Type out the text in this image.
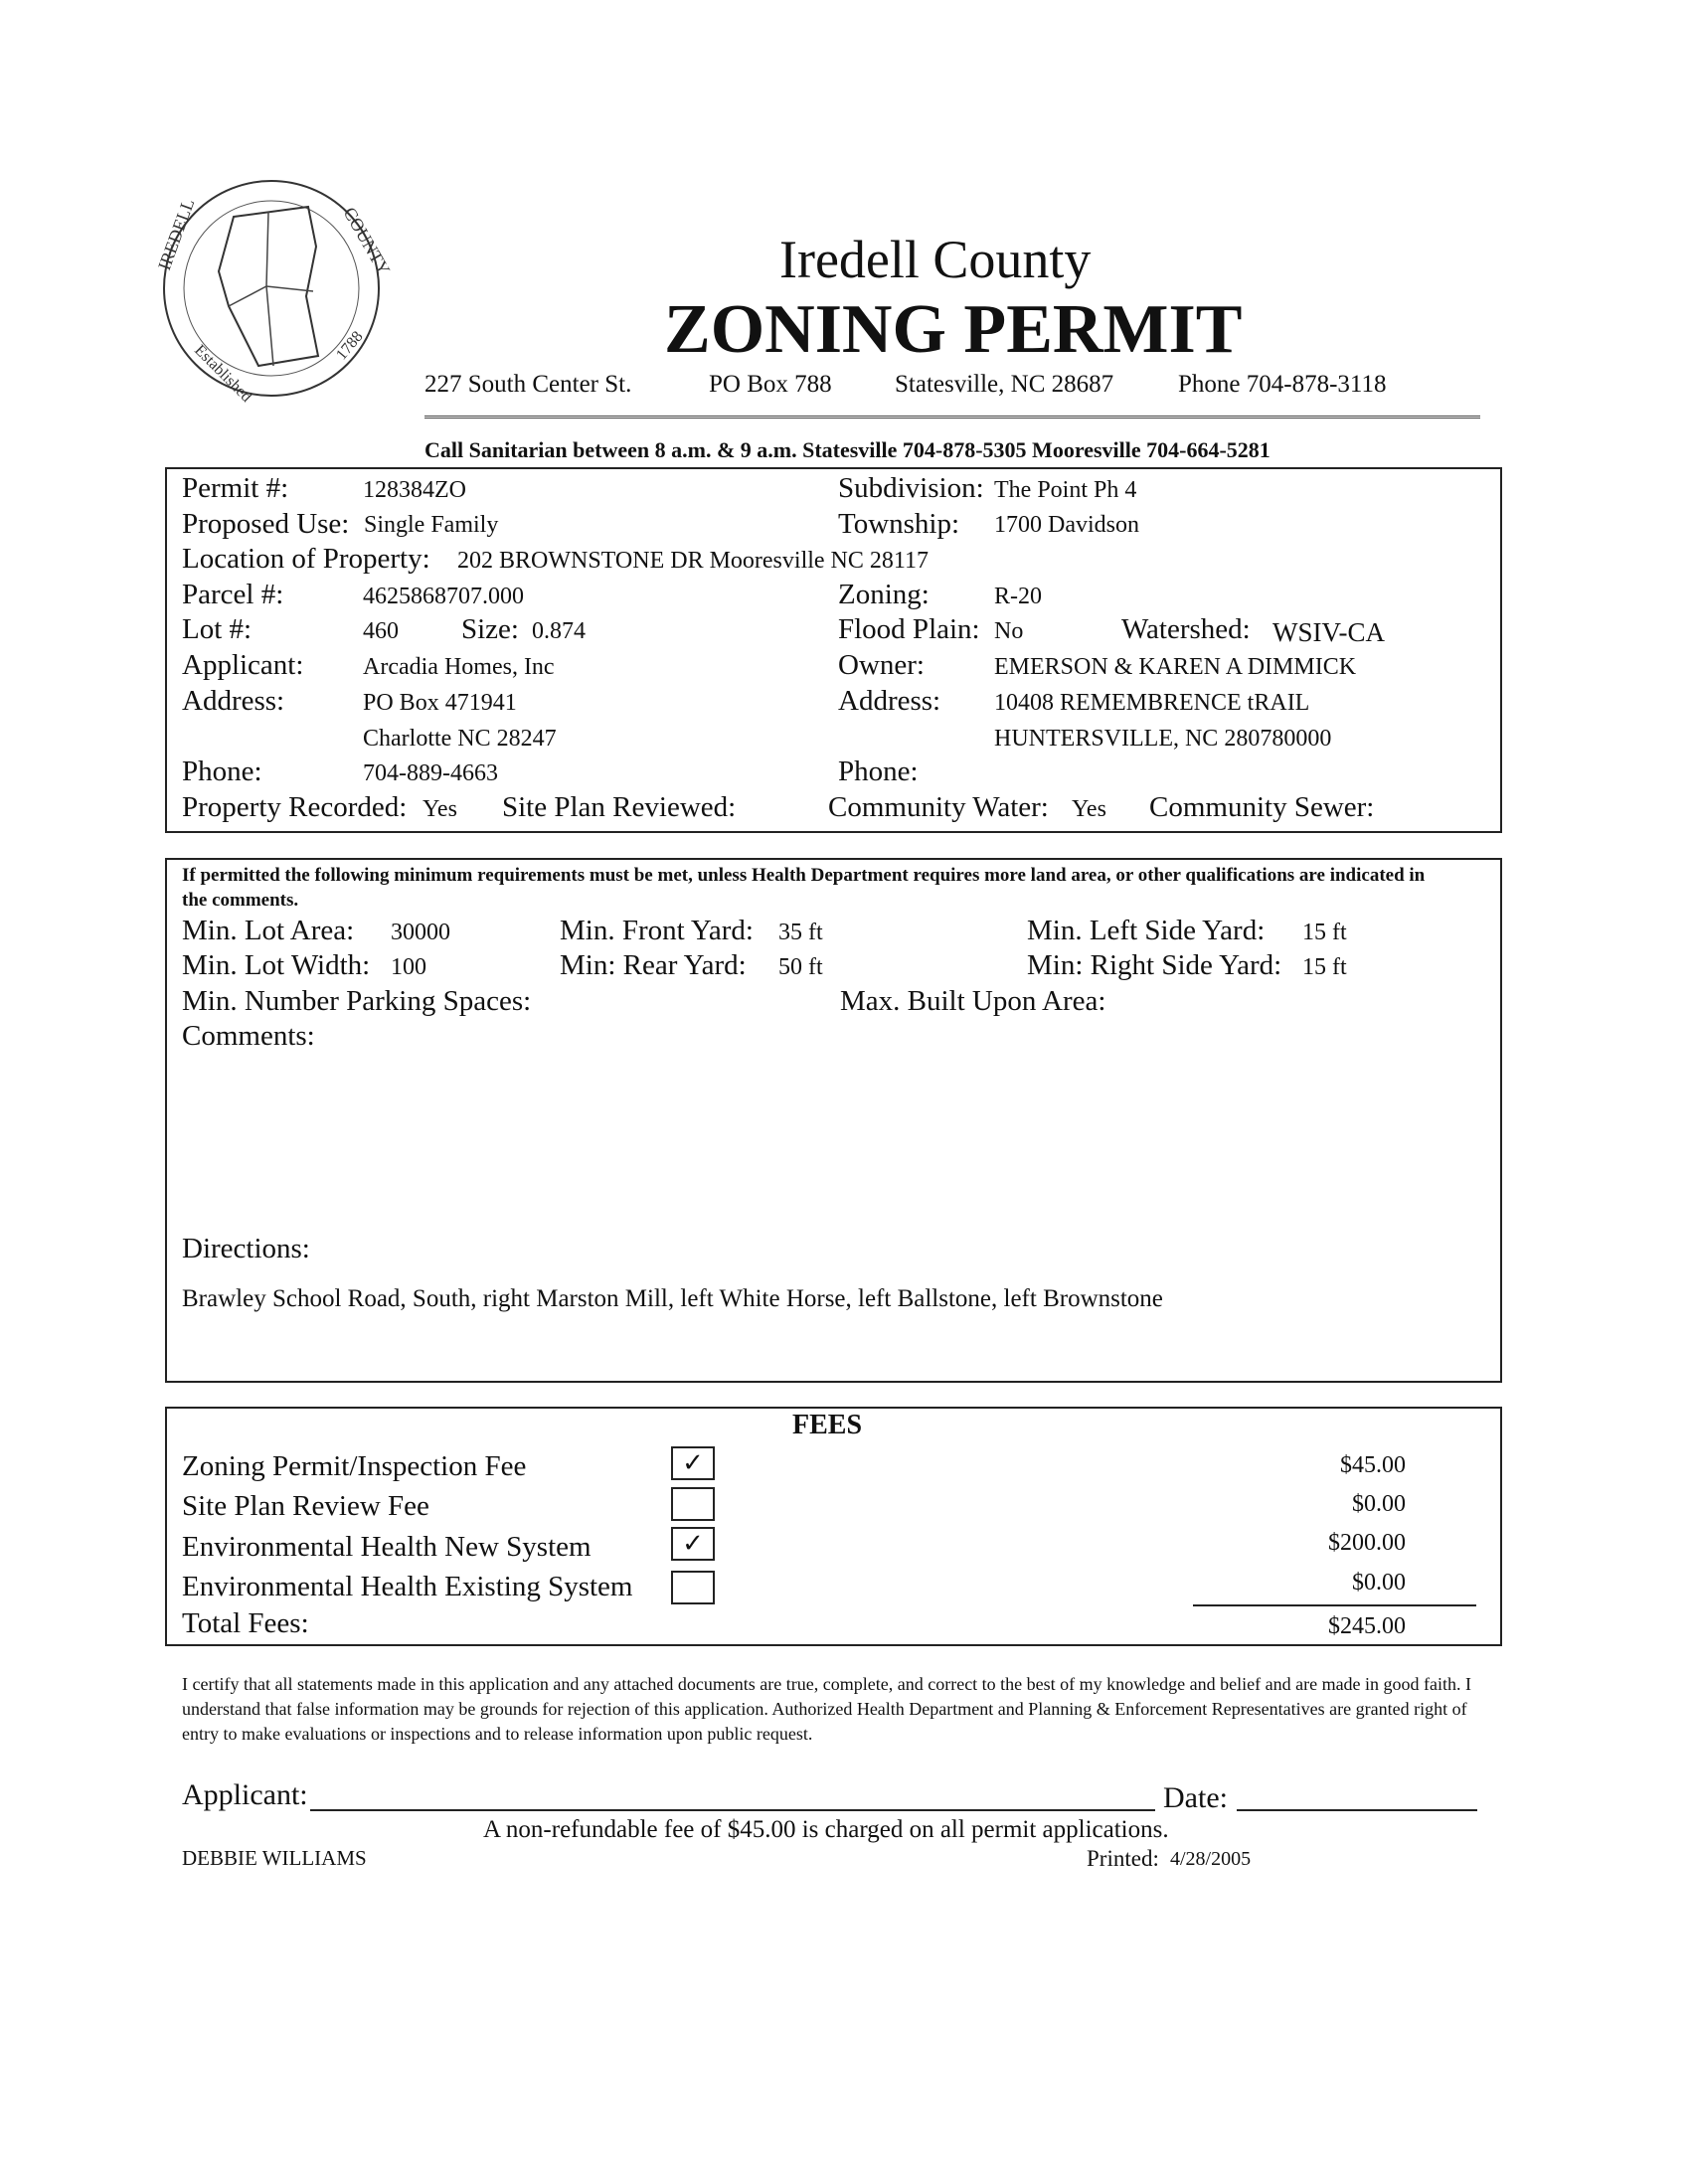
IREDELL	COUNTY
Established	1788
Iredell County
ZONING PERMIT
227 South Center St.	PO Box 788	Statesville, NC 28687	Phone 704-878-3118
Call Sanitarian between 8 a.m. & 9 a.m. Statesville 704-878-5305 Mooresville 704-664-5281
Permit #:	128384ZO	Subdivision: The Point Ph 4
Proposed Use: Single Family	Township: 1700 Davidson
Location of Property: 202 BROWNSTONE DR Mooresville NC 28117
Parcel #:	4625868707.000	Zoning:	R-20
Lot #:	460 Size: 0.874	Flood Plain: No	Watershed: WSIV-CA
Applicant: Arcadia Homes, Inc	Owner:	EMERSON & KAREN A DIMMICK
Address:	PO Box 471941	Address: 10408 REMEMBRENCE tRAIL
Charlotte NC 28247	HUNTERSVILLE, NC 280780000
Phone:	704-889-4663	Phone:
Property Recorded: Yes Site Plan Reviewed:	Community Water: Yes Community Sewer:
If permitted the following minimum requirements must be met, unless Health Department requires more land area, or other qualifications are indicated in the comments.
Min. Lot Area: 30000	Min. Front Yard: 35 ft	Min. Left Side Yard: 15 ft
Min. Lot Width: 100	Min: Rear Yard: 50 ft	Min: Right Side Yard: 15 ft
Min. Number Parking Spaces:	Max. Built Upon Area:
Comments:
Directions:
Brawley School Road, South, right Marston Mill, left White Horse, left Ballstone, left Brownstone
FEES
Zoning Permit/Inspection Fee	✓	$45.00
Site Plan Review Fee	$0.00
Environmental Health New System	✓	$200.00
Environmental Health Existing System	$0.00
Total Fees:	$245.00
I certify that all statements made in this application and any attached documents are true, complete, and correct to the best of my knowledge and belief and are made in good faith. I understand that false information may be grounds for rejection of this application. Authorized Health Department and Planning & Enforcement Representatives are granted right of entry to make evaluations or inspections and to release information upon public request.
Applicant:	Date:
A non-refundable fee of $45.00 is charged on all permit applications.
DEBBIE WILLIAMS	Printed: 4/28/2005
